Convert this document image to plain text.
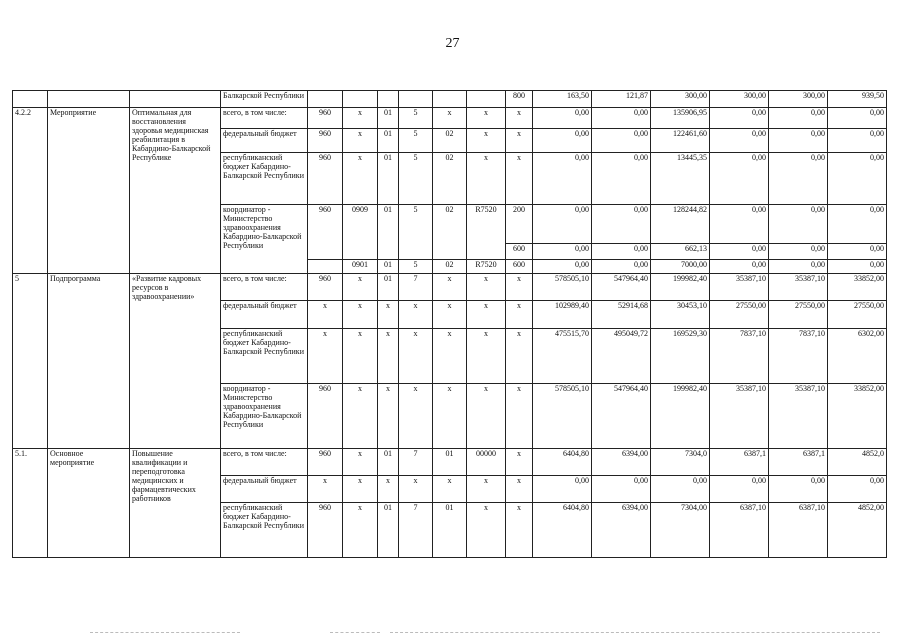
27
			Балкарской Республики							800	163,50	121,87	300,00	300,00	300,00	939,50
4.2.2	Мероприятие	Оптимальная для восстановления здоровья медицинская реабилитация в Кабардино-Балкарской Республике	всего, в том числе:	960	x	01	5	x	x	x	0,00	0,00	135906,95	0,00	0,00	0,00
			федеральный бюджет	960	x	01	5	02	x	x	0,00	0,00	122461,60	0,00	0,00	0,00
			республиканский бюджет Кабардино-Балкарской Республики	960	x	01	5	02	x	x	0,00	0,00	13445,35	0,00	0,00	0,00
			координатор - Министерство здравоохранения Кабардино-Балкарской Республики	960	0909	01	5	02	R7520	200	0,00	0,00	128244,82	0,00	0,00	0,00
										600	0,00	0,00	662,13	0,00	0,00	0,00
					0901	01	5	02	R7520	600	0,00	0,00	7000,00	0,00	0,00	0,00
5	Подпрограмма	«Развитие кадровых ресурсов в здравоохранении»	всего, в том числе:	960	x	01	7	x	x	x	578505,10	547964,40	199982,40	35387,10	35387,10	33852,00
			федеральный бюджет	x	x	x	x	x	x	x	102989,40	52914,68	30453,10	27550,00	27550,00	27550,00
			республиканский бюджет Кабардино-Балкарской Республики	x	x	x	x	x	x	x	475515,70	495049,72	169529,30	7837,10	7837,10	6302,00
			координатор - Министерство здравоохранения Кабардино-Балкарской Республики	960	x	x	x	x	x	x	578505,10	547964,40	199982,40	35387,10	35387,10	33852,00
5.1.	Основное мероприятие	Повышение квалификации и переподготовка медицинских и фармацевтических работников	всего, в том числе:	960	x	01	7	01	00000	x	6404,80	6394,00	7304,0	6387,1	6387,1	4852,0
			федеральный бюджет	x	x	x	x	x	x	x	0,00	0,00	0,00	0,00	0,00	0,00
			республиканский бюджет Кабардино-Балкарской Республики	960	x	01	7	01	x	x	6404,80	6394,00	7304,00	6387,10	6387,10	4852,00
